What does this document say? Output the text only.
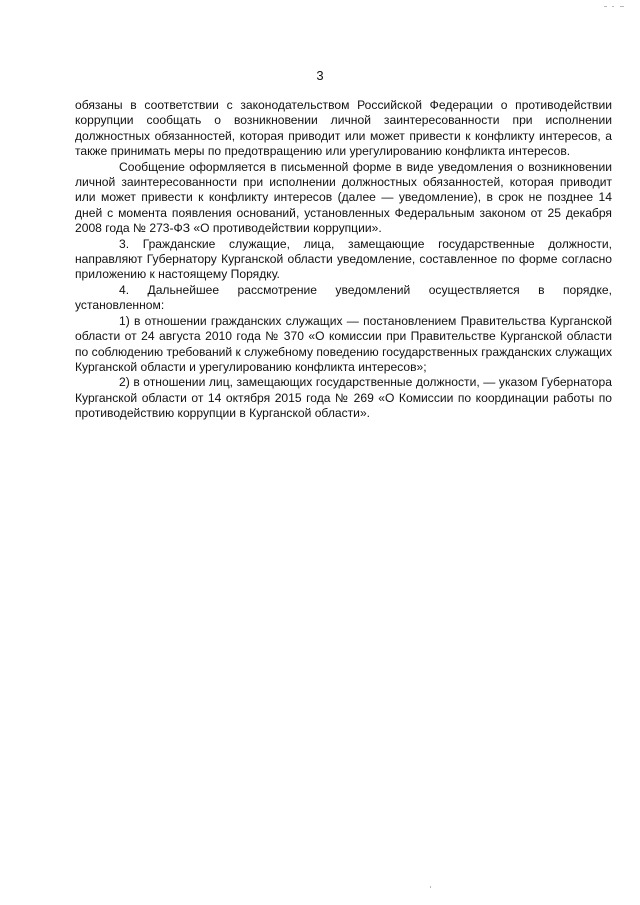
3

обязаны в соответствии с законодательством Российской Федерации о противодействии коррупции сообщать о возникновении личной заинтересованности при исполнении должностных обязанностей, которая приводит или может привести к конфликту интересов, а также принимать меры по предотвращению или урегулированию конфликта интересов.

Сообщение оформляется в письменной форме в виде уведомления о возникновении личной заинтересованности при исполнении должностных обязанностей, которая приводит или может привести к конфликту интересов (далее — уведомление), в срок не позднее 14 дней с момента появления оснований, установленных Федеральным законом от 25 декабря 2008 года № 273-ФЗ «О противодействии коррупции».

3. Гражданские служащие, лица, замещающие государственные должности, направляют Губернатору Курганской области уведомление, составленное по форме согласно приложению к настоящему Порядку.

4. Дальнейшее рассмотрение уведомлений осуществляется в порядке, установленном:

1) в отношении гражданских служащих — постановлением Правительства Курганской области от 24 августа 2010 года № 370 «О комиссии при Правительстве Курганской области по соблюдению требований к служебному поведению государственных гражданских служащих Курганской области и урегулированию конфликта интересов»;

2) в отношении лиц, замещающих государственные должности, — указом Губернатора Курганской области от 14 октября 2015 года № 269 «О Комиссии по координации работы по противодействию коррупции в Курганской области».
